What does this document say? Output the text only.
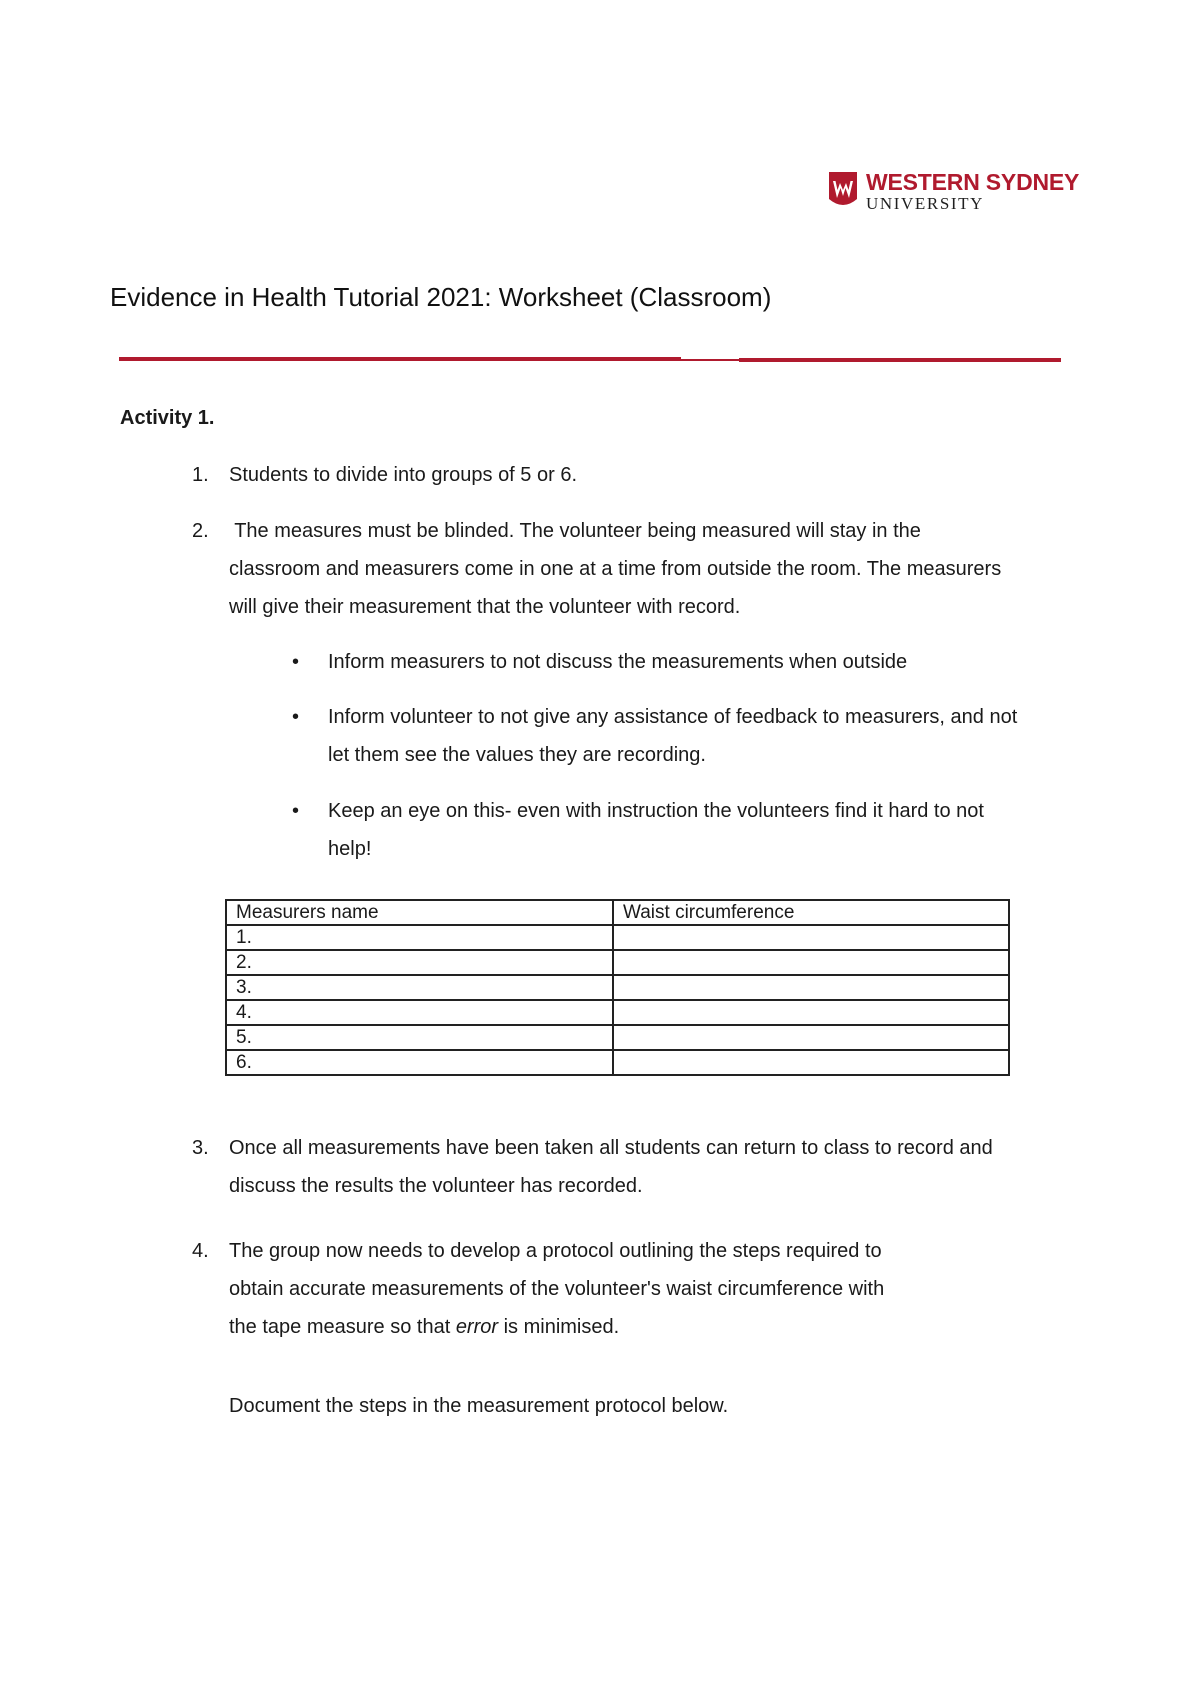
WESTERN SYDNEY
UNIVERSITY
Evidence in Health Tutorial 2021: Worksheet (Classroom)
Activity 1.
1. Students to divide into groups of 5 or 6.
2. The measures must be blinded. The volunteer being measured will stay in the
classroom and measurers come in one at a time from outside the room. The measurers
will give their measurement that the volunteer with record.
• Inform measurers to not discuss the measurements when outside
• Inform volunteer to not give any assistance of feedback to measurers, and not
let them see the values they are recording.
• Keep an eye on this- even with instruction the volunteers find it hard to not
help!
Measurers name	Waist circumference
1.	
2.	
3.	
4.	
5.	
6.	
3. Once all measurements have been taken all students can return to class to record and
discuss the results the volunteer has recorded.
4. The group now needs to develop a protocol outlining the steps required to
obtain accurate measurements of the volunteer's waist circumference with
the tape measure so that error is minimised.
Document the steps in the measurement protocol below.
